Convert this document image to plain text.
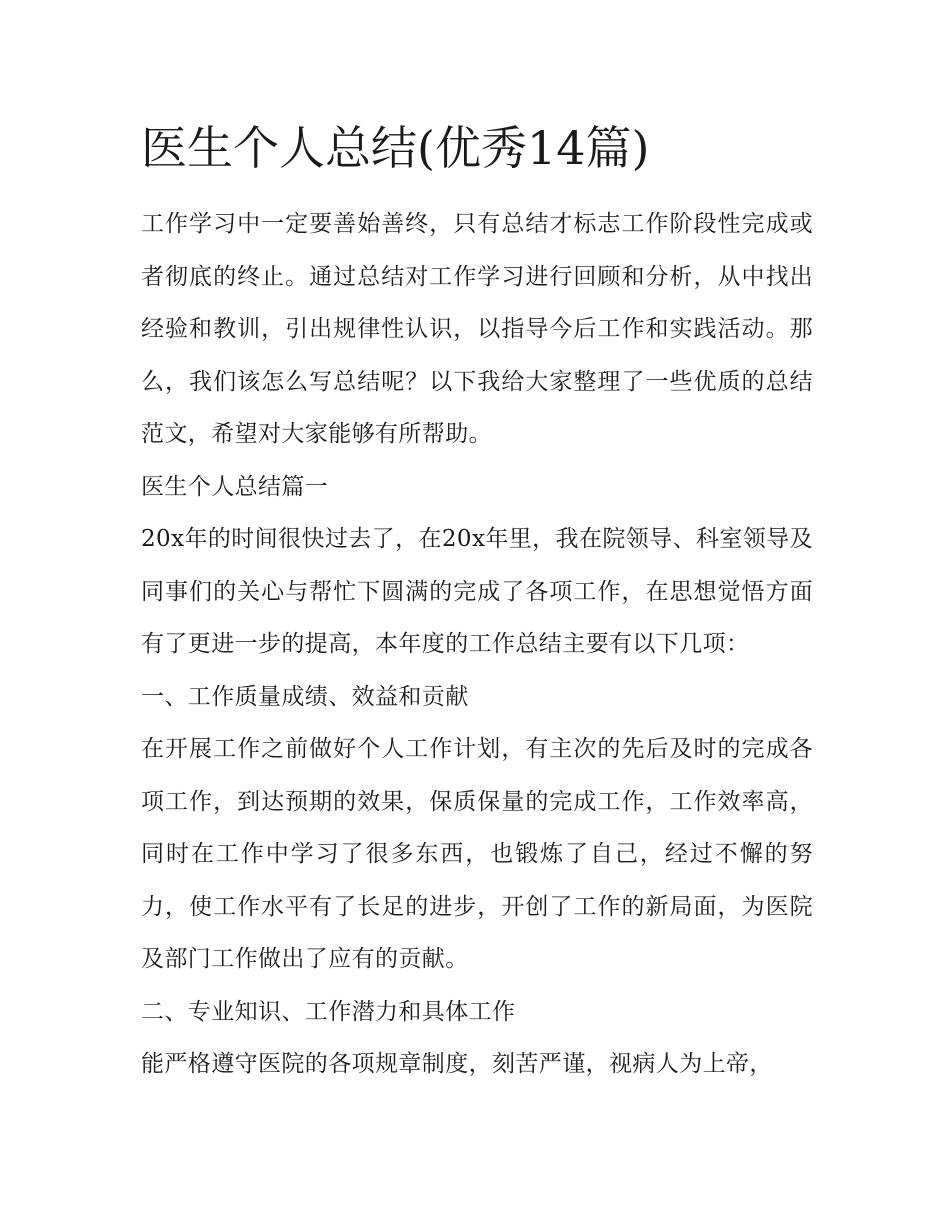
医生个人总结(优秀14篇)

工作学习中一定要善始善终，只有总结才标志工作阶段性完成或者彻底的终止。通过总结对工作学习进行回顾和分析，从中找出经验和教训，引出规律性认识，以指导今后工作和实践活动。那么，我们该怎么写总结呢？以下我给大家整理了一些优质的总结范文，希望对大家能够有所帮助。

医生个人总结篇一

20x年的时间很快过去了，在20x年里，我在院领导、科室领导及同事们的关心与帮忙下圆满的完成了各项工作，在思想觉悟方面有了更进一步的提高，本年度的工作总结主要有以下几项：

一、工作质量成绩、效益和贡献

在开展工作之前做好个人工作计划，有主次的先后及时的完成各项工作，到达预期的效果，保质保量的完成工作，工作效率高，同时在工作中学习了很多东西，也锻炼了自己，经过不懈的努力，使工作水平有了长足的进步，开创了工作的新局面，为医院及部门工作做出了应有的贡献。

二、专业知识、工作潜力和具体工作

能严格遵守医院的各项规章制度，刻苦严谨，视病人为上帝，
